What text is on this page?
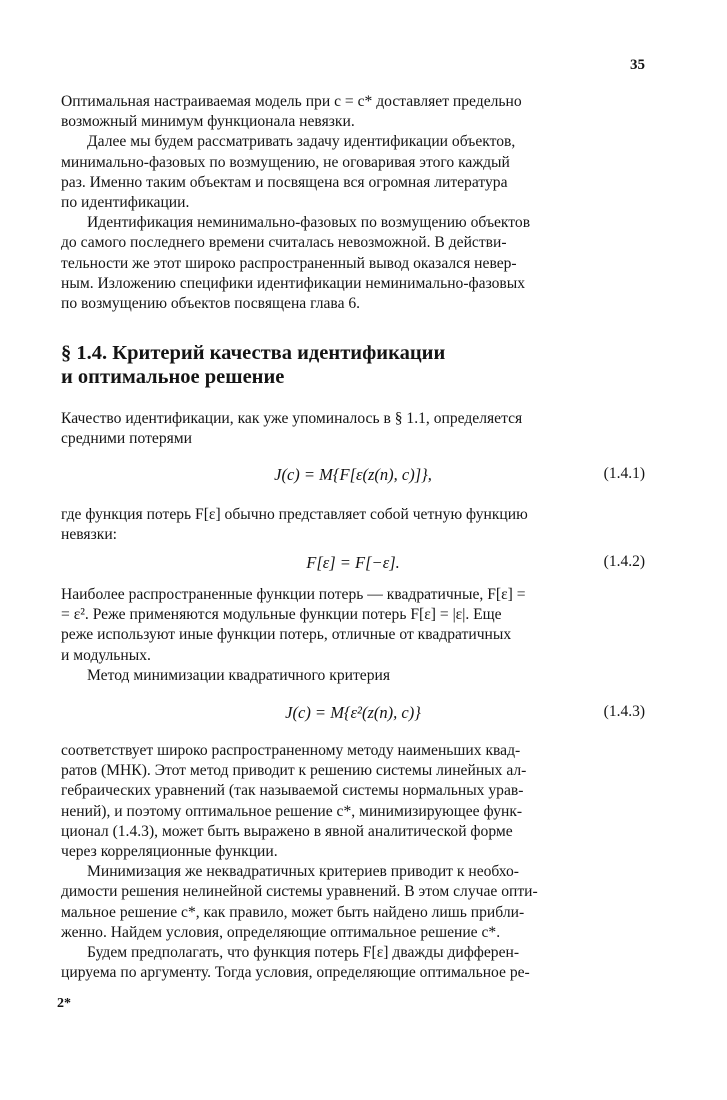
35

Оптимальная настраиваемая модель при c = c* доставляет предельно
возможный минимум функционала невязки.

Далее мы будем рассматривать задачу идентификации объектов,
минимально-фазовых по возмущению, не оговаривая этого каждый
раз. Именно таким объектам и посвящена вся огромная литература
по идентификации.

Идентификация неминимально-фазовых по возмущению объектов
до самого последнего времени считалась невозможной. В действи-
тельности же этот широко распространенный вывод оказался невер-
ным. Изложению специфики идентификации неминимально-фазовых
по возмущению объектов посвящена глава 6.

§ 1.4. Критерий качества идентификации
и оптимальное решение

Качество идентификации, как уже упоминалось в § 1.1, определяется
средними потерями

J(c) = M{F[ε(z(n), c)]},	(1.4.1)

где функция потерь F[ε] обычно представляет собой четную функцию
невязки:

F[ε] = F[−ε].	(1.4.2)

Наиболее распространенные функции потерь — квадратичные, F[ε] =
= ε². Реже применяются модульные функции потерь F[ε] = |ε|. Еще
реже используют иные функции потерь, отличные от квадратичных
и модульных.

Метод минимизации квадратичного критерия

J(c) = M{ε²(z(n), c)}	(1.4.3)

соответствует широко распространенному методу наименьших квад-
ратов (МНК). Этот метод приводит к решению системы линейных ал-
гебраических уравнений (так называемой системы нормальных урав-
нений), и поэтому оптимальное решение c*, минимизирующее функ-
ционал (1.4.3), может быть выражено в явной аналитической форме
через корреляционные функции.

Минимизация же неквадратичных критериев приводит к необхо-
димости решения нелинейной системы уравнений. В этом случае опти-
мальное решение c*, как правило, может быть найдено лишь прибли-
женно. Найдем условия, определяющие оптимальное решение c*.

Будем предполагать, что функция потерь F[ε] дважды дифферен-
цируема по аргументу. Тогда условия, определяющие оптимальное ре-

2*
